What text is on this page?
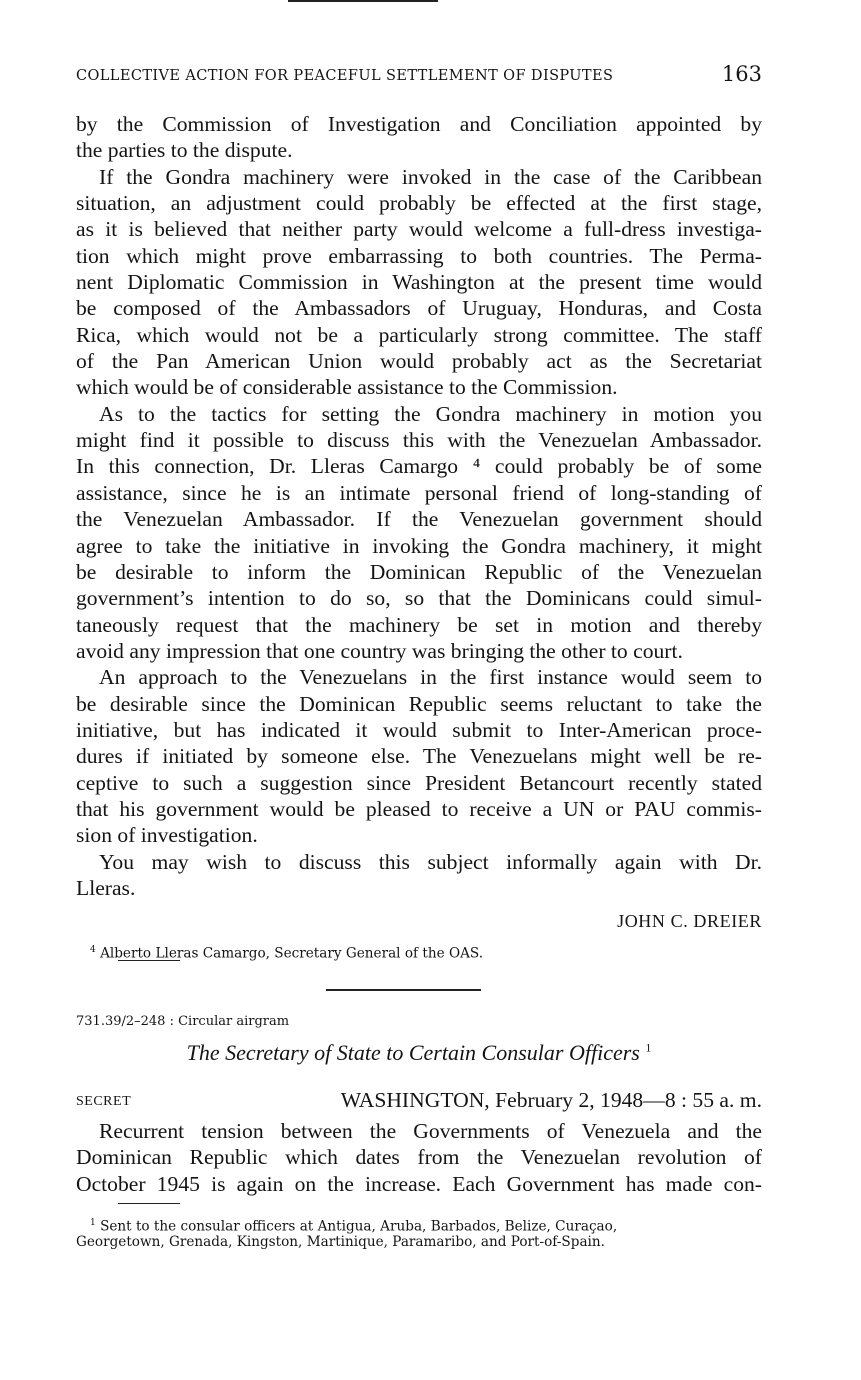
COLLECTIVE ACTION FOR PEACEFUL SETTLEMENT OF DISPUTES	163
by the Commission of Investigation and Conciliation appointed by
the parties to the dispute.
If the Gondra machinery were invoked in the case of the Caribbean
situation, an adjustment could probably be effected at the first stage,
as it is believed that neither party would welcome a full-dress investiga-
tion which might prove embarrassing to both countries. The Perma-
nent Diplomatic Commission in Washington at the present time would
be composed of the Ambassadors of Uruguay, Honduras, and Costa
Rica, which would not be a particularly strong committee. The staff
of the Pan American Union would probably act as the Secretariat
which would be of considerable assistance to the Commission.
As to the tactics for setting the Gondra machinery in motion you
might find it possible to discuss this with the Venezuelan Ambassador.
In this connection, Dr. Lleras Camargo ⁴ could probably be of some
assistance, since he is an intimate personal friend of long-standing of
the Venezuelan Ambassador. If the Venezuelan government should
agree to take the initiative in invoking the Gondra machinery, it might
be desirable to inform the Dominican Republic of the Venezuelan
government’s intention to do so, so that the Dominicans could simul-
taneously request that the machinery be set in motion and thereby
avoid any impression that one country was bringing the other to court.
An approach to the Venezuelans in the first instance would seem to
be desirable since the Dominican Republic seems reluctant to take the
initiative, but has indicated it would submit to Inter-American proce-
dures if initiated by someone else. The Venezuelans might well be re-
ceptive to such a suggestion since President Betancourt recently stated
that his government would be pleased to receive a UN or PAU commis-
sion of investigation.
You may wish to discuss this subject informally again with Dr.
Lleras.
JOHN C. DREIER
$^4$ Alberto Lleras Camargo, Secretary General of the OAS.
731.39/2–248 : Circular airgram
The Secretary of State to Certain Consular Officers $^1$
SECRET	WASHINGTON, February 2, 1948—8 : 55 a. m.
Recurrent tension between the Governments of Venezuela and the
Dominican Republic which dates from the Venezuelan revolution of
October 1945 is again on the increase. Each Government has made con-
$^1$ Sent to the consular officers at Antigua, Aruba, Barbados, Belize, Curaçao,
Georgetown, Grenada, Kingston, Martinique, Paramaribo, and Port-of-Spain.
